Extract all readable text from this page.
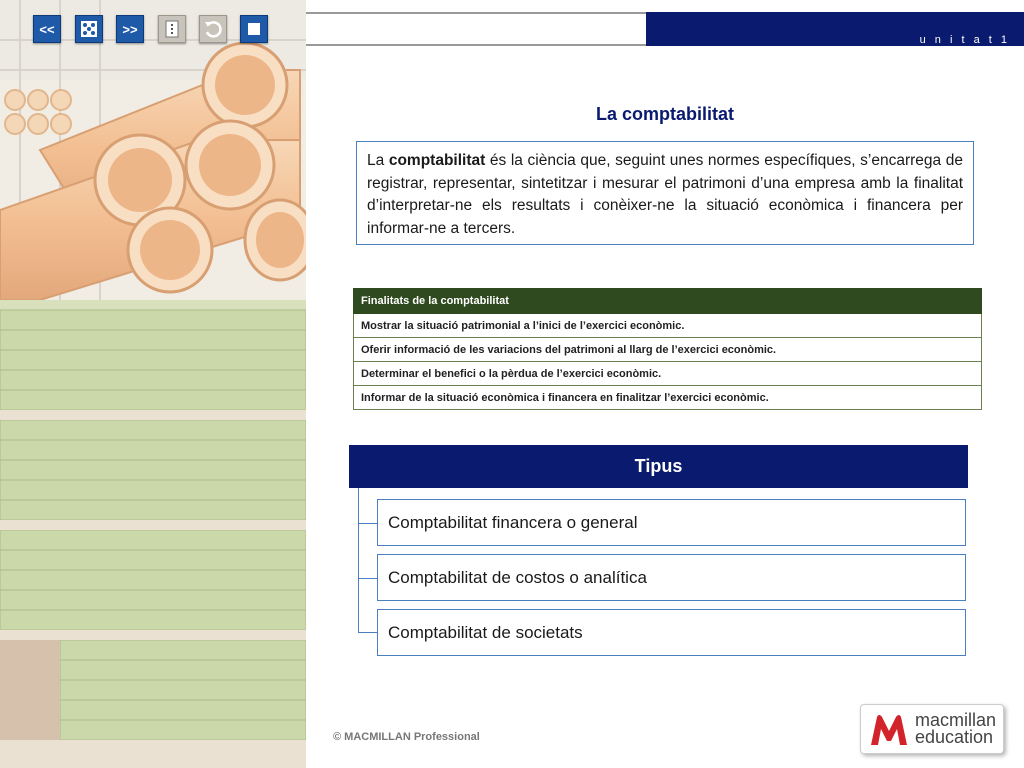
<<	>>
u n i t a t 1
La comptabilitat
La comptabilitat és la ciència que, seguint unes normes específiques, s’encarrega de registrar, representar, sintetitzar i mesurar el patrimoni d’una empresa amb la finalitat d’interpretar-ne els resultats i conèixer-ne la situació econòmica i financera per informar-ne a tercers.
Finalitats de la comptabilitat
Mostrar la situació patrimonial a l’inici de l’exercici econòmic.
Oferir informació de les variacions del patrimoni al llarg de l’exercici econòmic.
Determinar el benefici o la pèrdua de l’exercici econòmic.
Informar de la situació econòmica i financera en finalitzar l’exercici econòmic.
Tipus
Comptabilitat financera o general
Comptabilitat de costos o analítica
Comptabilitat de societats
© MACMILLAN Professional
macmillan
education
